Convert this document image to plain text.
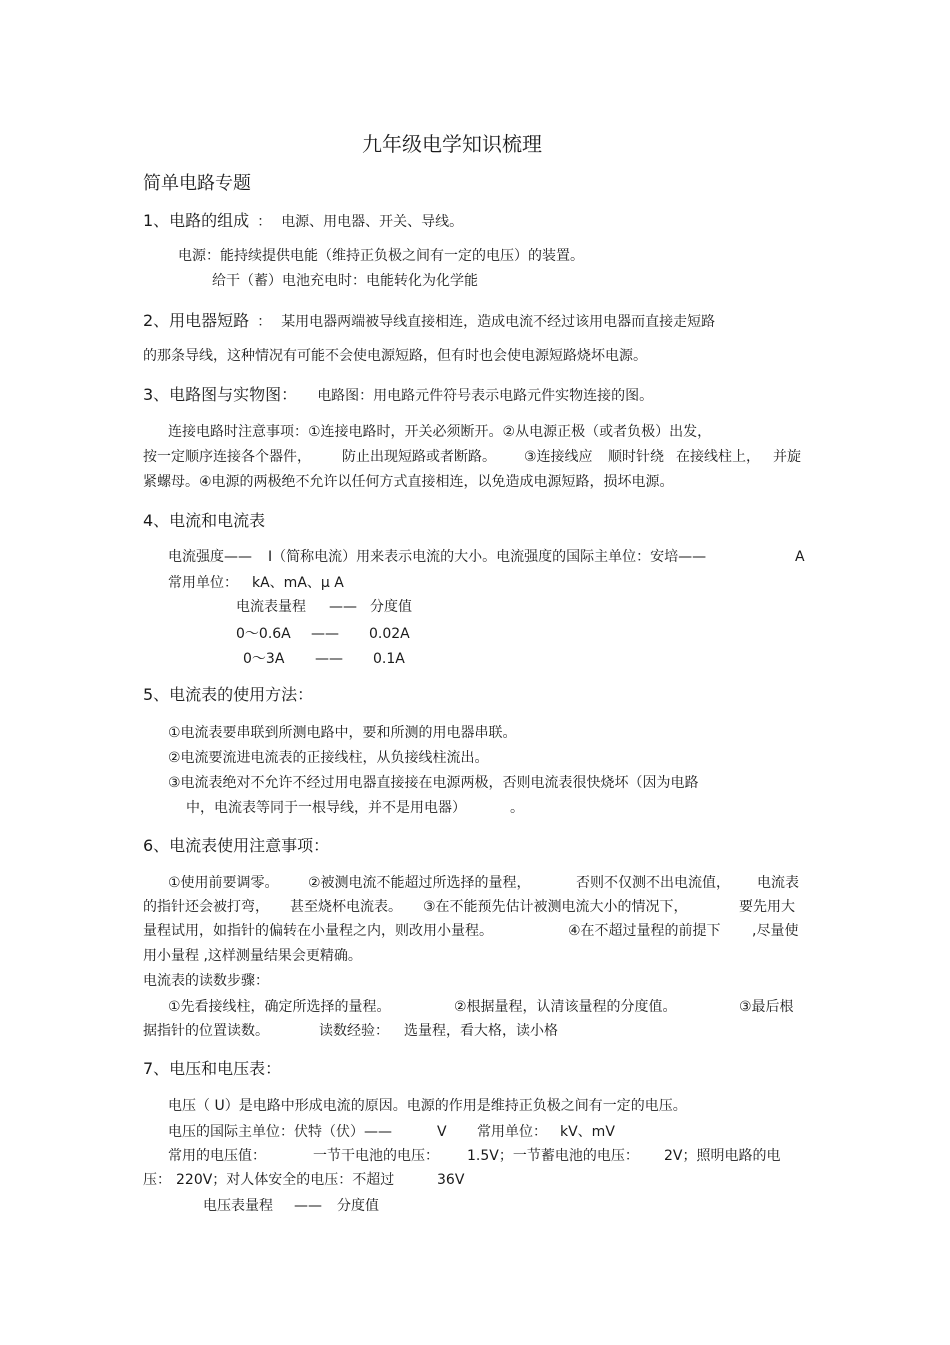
九年级电学知识梳理
简单电路专题
1、电路的组成 ： 电源、用电器、开关、导线。
电源：能持续提供电能（维持正负极之间有一定的电压）的装置。
给干（蓄）电池充电时：电能转化为化学能
2、用电器短路 ： 某用电器两端被导线直接相连，造成电流不经过该用电器而直接走短路
的那条导线，这种情况有可能不会使电源短路，但有时也会使电源短路烧坏电源。
3、电路图与实物图： 电路图：用电路元件符号表示电路元件实物连接的图。
连接电路时注意事项：①连接电路时，开关必须断开。②从电源正极（或者负极）出发，
按一定顺序连接各个器件， 防止出现短路或者断路。 ③连接线应 顺时针绕 在接线柱上， 并旋
紧螺母。④电源的两极绝不允许以任何方式直接相连，以免造成电源短路，损坏电源。
4、电流和电流表
电流强度—— I（简称电流）用来表示电流的大小。电流强度的国际主单位：安培——	A
常用单位： kA、mA、μ A
电流表量程 —— 分度值
0～0.6A —— 0.02A
0～3A —— 0.1A
5、电流表的使用方法：
①电流表要串联到所测电路中，要和所测的用电器串联。
②电流要流进电流表的正接线柱，从负接线柱流出。
③电流表绝对不允许不经过用电器直接接在电源两极，否则电流表很快烧坏（因为电路
中，电流表等同于一根导线，并不是用电器）	。
6、电流表使用注意事项：
①使用前要调零。 ②被测电流不能超过所选择的量程，	否则不仅测不出电流值， 电流表
的指针还会被打弯， 甚至烧杯电流表。 ③在不能预先估计被测电流大小的情况下，	要先用大
量程试用，如指针的偏转在小量程之内，则改用小量程。	④在不超过量程的前提下 ,尽量使
用小量程 ,这样测量结果会更精确。
电流表的读数步骤：
①先看接线柱，确定所选择的量程。	②根据量程，认清该量程的分度值。	③最后根
据指针的位置读数。	读数经验： 选量程，看大格，读小格
7、电压和电压表：
电压（ U）是电路中形成电流的原因。电源的作用是维持正负极之间有一定的电压。
电压的国际主单位：伏特（伏）——	V 常用单位： kV、mV
常用的电压值：	一节干电池的电压： 1.5V；一节蓄电池的电压： 2V；照明电路的电
压： 220V；对人体安全的电压：不超过	36V
电压表量程 —— 分度值
